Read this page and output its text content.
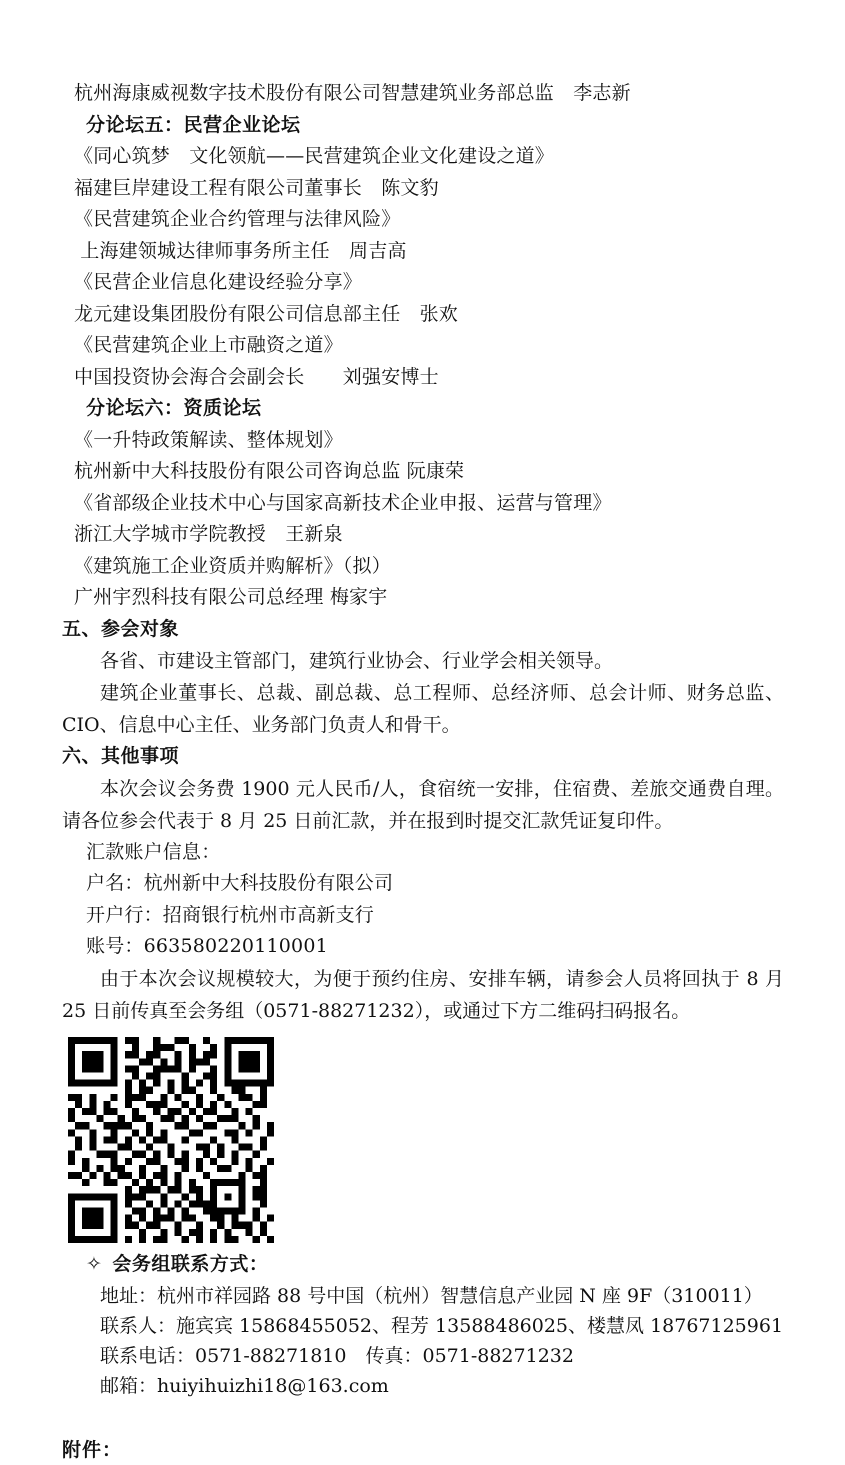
杭州海康威视数字技术股份有限公司智慧建筑业务部总监　李志新
分论坛五：民营企业论坛
《同心筑梦　文化领航——民营建筑企业文化建设之道》
福建巨岸建设工程有限公司董事长　陈文豹
《民营建筑企业合约管理与法律风险》
上海建领城达律师事务所主任　周吉高
《民营企业信息化建设经验分享》
龙元建设集团股份有限公司信息部主任　张欢
《民营建筑企业上市融资之道》
中国投资协会海合会副会长　　刘强安博士
分论坛六：资质论坛
《一升特政策解读、整体规划》
杭州新中大科技股份有限公司咨询总监 阮康荣
《省部级企业技术中心与国家高新技术企业申报、运营与管理》
浙江大学城市学院教授　王新泉
《建筑施工企业资质并购解析》（拟）
广州宇烈科技有限公司总经理 梅家宇
五、参会对象
各省、市建设主管部门，建筑行业协会、行业学会相关领导。
建筑企业董事长、总裁、副总裁、总工程师、总经济师、总会计师、财务总监、CIO、信息中心主任、业务部门负责人和骨干。
六、其他事项
本次会议会务费 1900 元人民币/人，食宿统一安排，住宿费、差旅交通费自理。请各位参会代表于 8 月 25 日前汇款，并在报到时提交汇款凭证复印件。
汇款账户信息：
户名：杭州新中大科技股份有限公司
开户行：招商银行杭州市高新支行
账号：663580220110001
由于本次会议规模较大，为便于预约住房、安排车辆，请参会人员将回执于 8 月 25 日前传真至会务组（0571-88271232），或通过下方二维码扫码报名。
✧ 会务组联系方式：
地址：杭州市祥园路 88 号中国（杭州）智慧信息产业园 N 座 9F（310011）
联系人：施宾宾 15868455052、程芳 13588486025、楼慧凤 18767125961
联系电话：0571-88271810　传真：0571-88271232
邮箱：huiyihuizhi18@163.com
附件：
